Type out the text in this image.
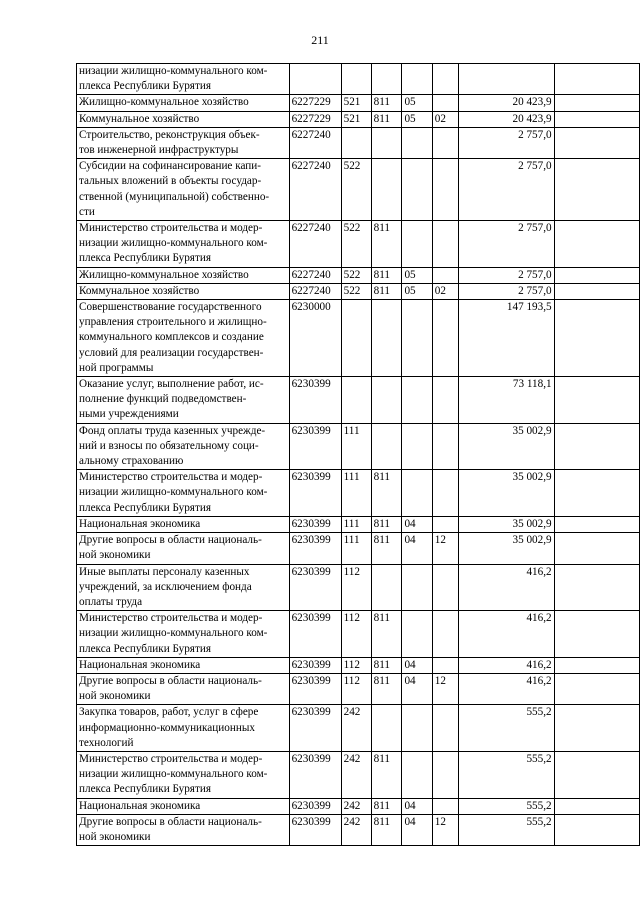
211
низации жилищно-коммунального ком-
плекса Республики Бурятия							
Жилищно-коммунальное хозяйство	6227229	521	811	05		20 423,9	
Коммунальное хозяйство	6227229	521	811	05	02	20 423,9	
Строительство, реконструкция объек-
тов инженерной инфраструктуры	6227240					2 757,0	
Субсидии на софинансирование капи-
тальных вложений в объекты государ-
ственной (муниципальной) собственно-
сти	6227240	522				2 757,0	
Министерство строительства и модер-
низации жилищно-коммунального ком-
плекса Республики Бурятия	6227240	522	811			2 757,0	
Жилищно-коммунальное хозяйство	6227240	522	811	05		2 757,0	
Коммунальное хозяйство	6227240	522	811	05	02	2 757,0	
Совершенствование государственного
управления строительного и жилищно-
коммунального комплексов и создание
условий для реализации государствен-
ной программы	6230000					147 193,5	
Оказание услуг, выполнение работ, ис-
полнение функций подведомствен-
ными учреждениями	6230399					73 118,1	
Фонд оплаты труда казенных учрежде-
ний и взносы по обязательному соци-
альному страхованию	6230399	111				35 002,9	
Министерство строительства и модер-
низации жилищно-коммунального ком-
плекса Республики Бурятия	6230399	111	811			35 002,9	
Национальная экономика	6230399	111	811	04		35 002,9	
Другие вопросы в области националь-
ной экономики	6230399	111	811	04	12	35 002,9	
Иные выплаты персоналу казенных
учреждений, за исключением фонда
оплаты труда	6230399	112				416,2	
Министерство строительства и модер-
низации жилищно-коммунального ком-
плекса Республики Бурятия	6230399	112	811			416,2	
Национальная экономика	6230399	112	811	04		416,2	
Другие вопросы в области националь-
ной экономики	6230399	112	811	04	12	416,2	
Закупка товаров, работ, услуг в сфере
информационно-коммуникационных
технологий	6230399	242				555,2	
Министерство строительства и модер-
низации жилищно-коммунального ком-
плекса Республики Бурятия	6230399	242	811			555,2	
Национальная экономика	6230399	242	811	04		555,2	
Другие вопросы в области националь-
ной экономики	6230399	242	811	04	12	555,2	
